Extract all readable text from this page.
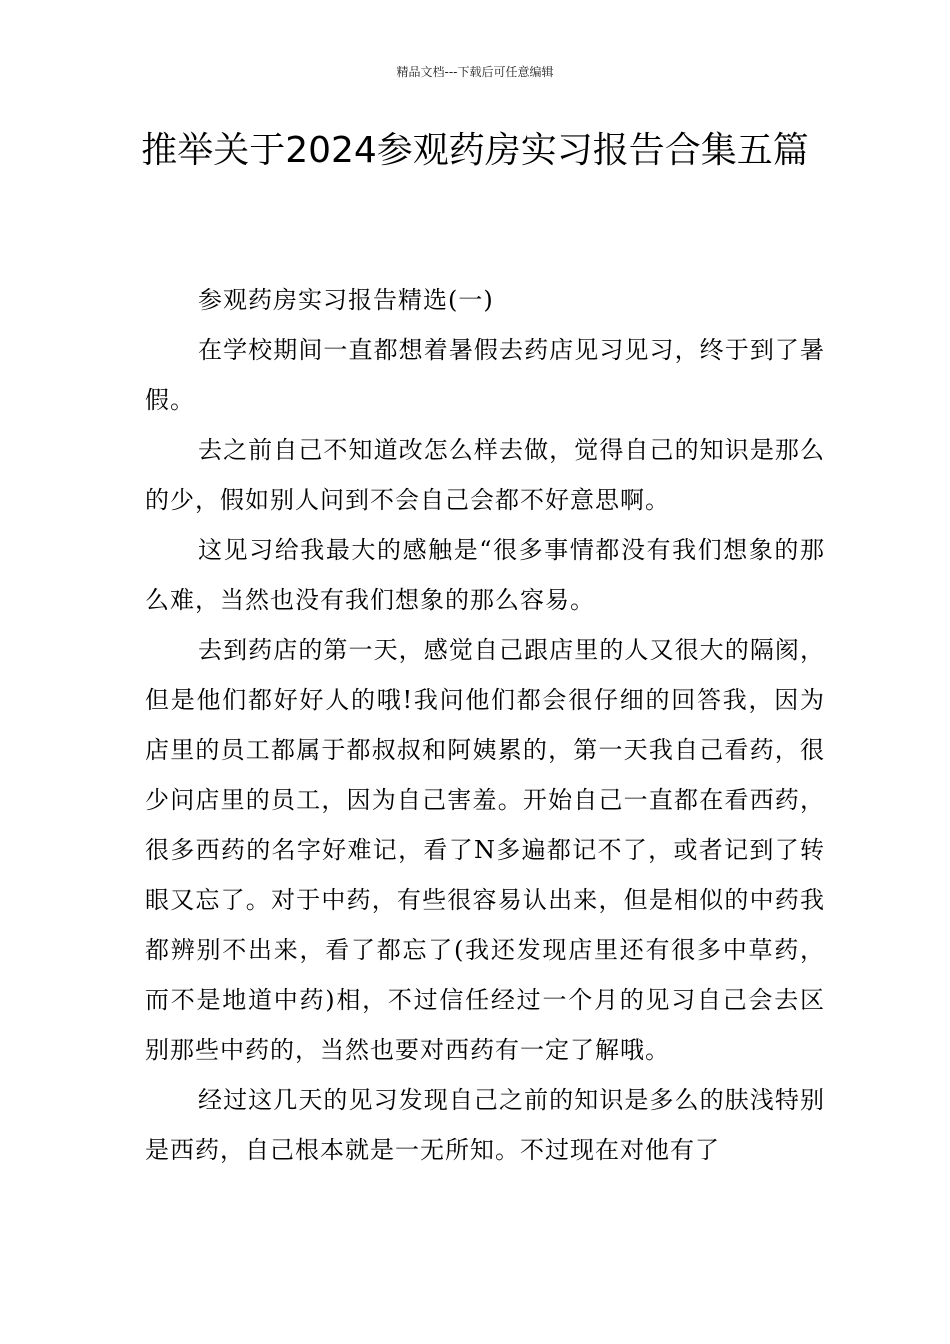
精品文档---下载后可任意编辑
推举关于2024参观药房实习报告合集五篇

参观药房实习报告精选(一)

在学校期间一直都想着暑假去药店见习见习，终于到了暑假。

去之前自己不知道改怎么样去做，觉得自己的知识是那么的少，假如别人问到不会自己会都不好意思啊。

这见习给我最大的感触是“很多事情都没有我们想象的那么难，当然也没有我们想象的那么容易。

去到药店的第一天，感觉自己跟店里的人又很大的隔阂，但是他们都好好人的哦!我问他们都会很仔细的回答我，因为店里的员工都属于都叔叔和阿姨累的，第一天我自己看药，很少问店里的员工，因为自己害羞。开始自己一直都在看西药，很多西药的名字好难记，看了N多遍都记不了，或者记到了转眼又忘了。对于中药，有些很容易认出来，但是相似的中药我都辨别不出来，看了都忘了(我还发现店里还有很多中草药，而不是地道中药)相，不过信任经过一个月的见习自己会去区别那些中药的，当然也要对西药有一定了解哦。

经过这几天的见习发现自己之前的知识是多么的肤浅特别是西药，自己根本就是一无所知。不过现在对他有了
